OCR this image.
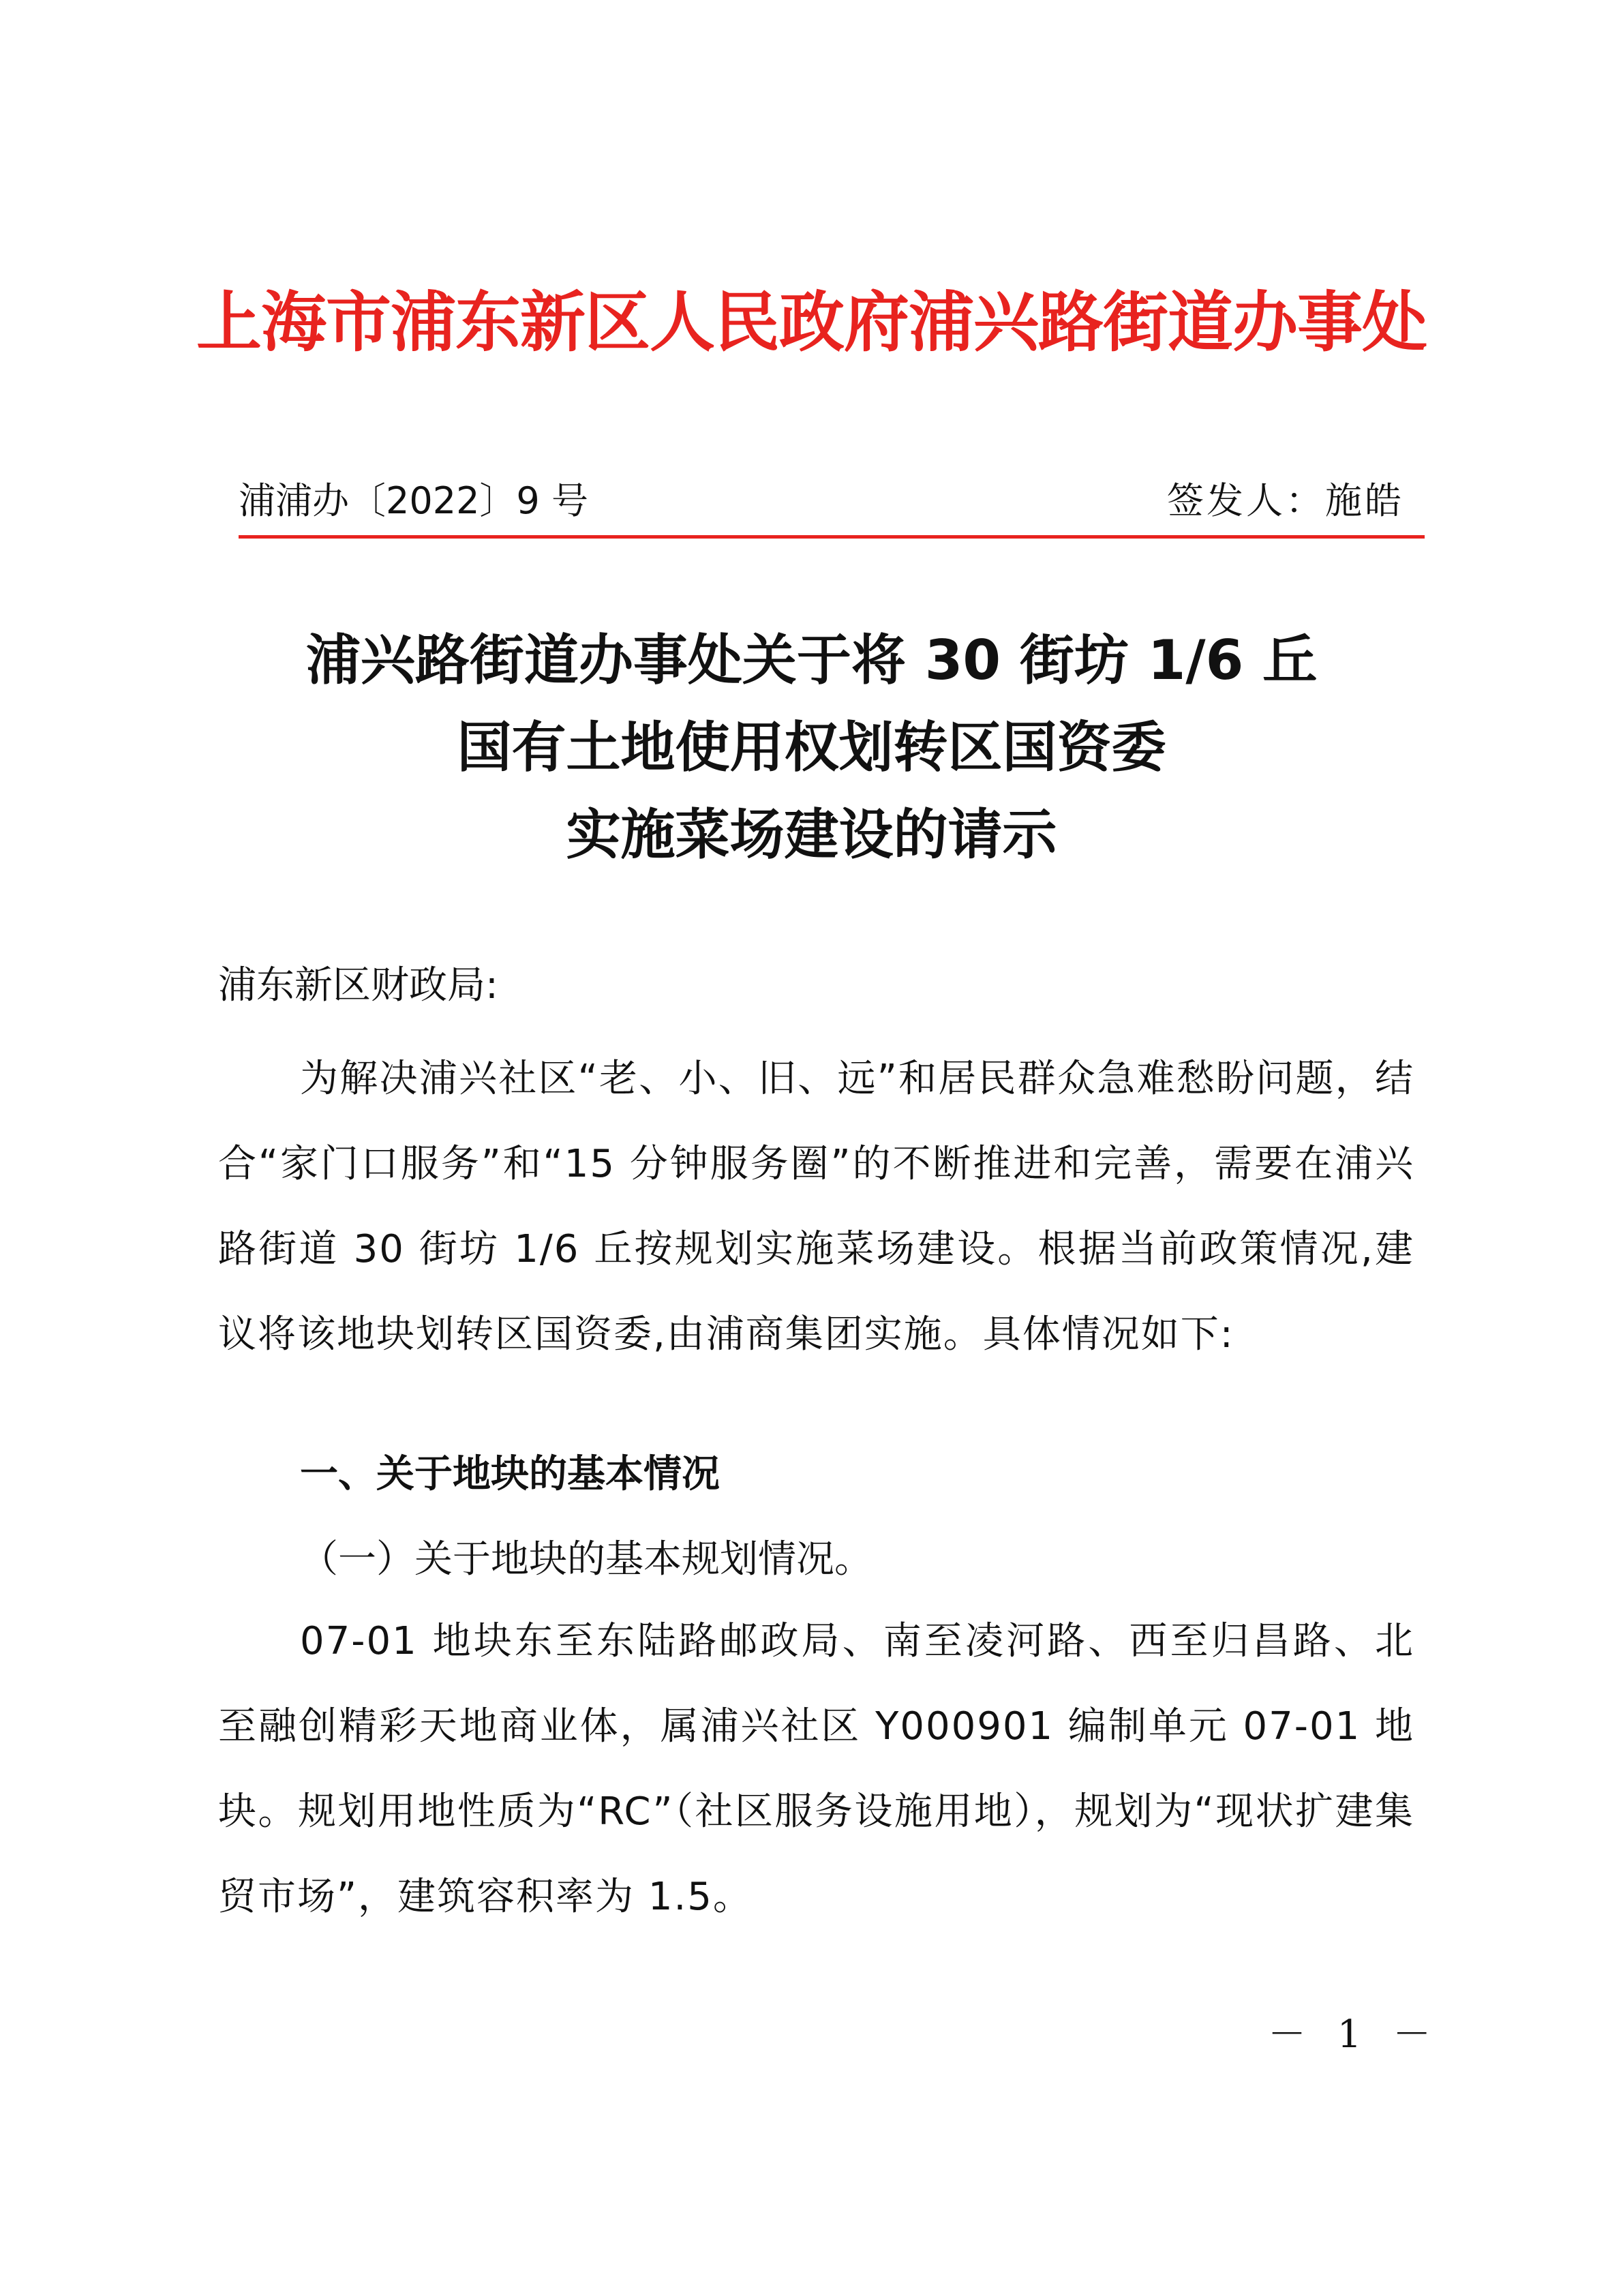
上海市浦东新区人民政府浦兴路街道办事处
浦浦办〔2022〕9 号	签发人：施皓
浦兴路街道办事处关于将 30 街坊 1/6 丘
国有土地使用权划转区国资委
实施菜场建设的请示
浦东新区财政局:
为解决浦兴社区“老、小、旧、远”和居民群众急难愁盼问题，结合“家门口服务”和“15 分钟服务圈”的不断推进和完善，需要在浦兴路街道 30 街坊 1/6 丘按规划实施菜场建设。根据当前政策情况,建议将该地块划转区国资委,由浦商集团实施。具体情况如下:
一、关于地块的基本情况
（一）关于地块的基本规划情况。
07-01 地块东至东陆路邮政局、南至凌河路、西至归昌路、北至融创精彩天地商业体，属浦兴社区 Y000901 编制单元 07-01 地块。规划用地性质为“RC”（社区服务设施用地），规划为“现状扩建集贸市场”，建筑容积率为 1.5。
－ 1 －
